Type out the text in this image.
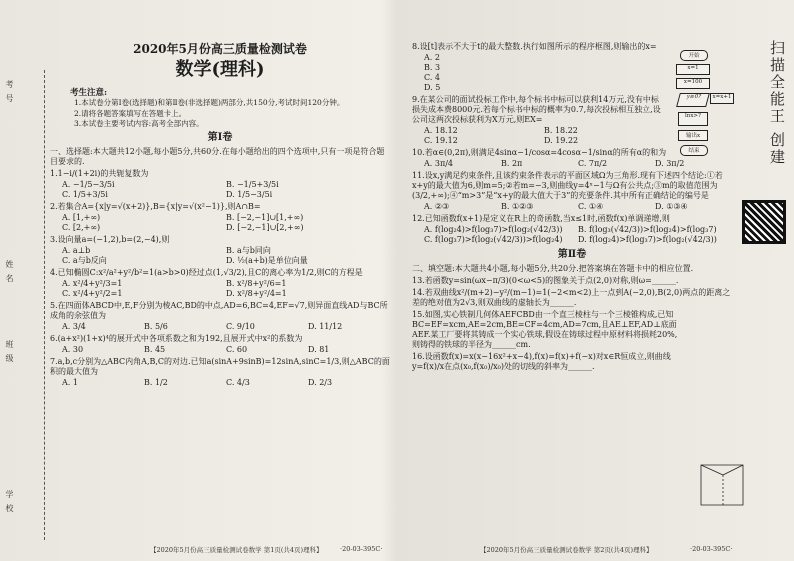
考号
姓名
班级
学校
2020年5月份高三质量检测试卷
数学(理科)
考生注意:

1.本试卷分第Ⅰ卷(选择题)和第Ⅱ卷(非选择题)两部分,共150分,考试时间120分钟。

2.请将各题答案填写在答题卡上。

3.本试卷主要考试内容:高考全部内容。

第Ⅰ卷
一、选择题:本大题共12小题,每小题5分,共60分.在每小题给出的四个选项中,只有一项是符合题目要求的.
1.1−i/(1+2i)的共轭复数为
A. −1/5−3/5i	B. −1/5+3/5i
C. 1/5+3/5i	D. 1/5−3/5i
2.若集合A={x|y=√(x+2)},B={x|y=√(x²−1)},则A∩B=
A. [1,+∞)	B. [−2,−1]∪[1,+∞)
C. [2,+∞)	D. [−2,−1]∪[2,+∞)
3.设向量a=(−1,2),b=(2,−4),则
A. a⊥b	B. a与b同向
C. a与b反向	D. ½(a+b)是单位向量
4.已知椭圆C:x²/a²+y²/b²=1(a>b>0)经过点(1,√3/2),且C的离心率为1/2,则C的方程是
A. x²/4+y²/3=1	B. x²/8+y²/6=1
C. x²/4+y²/2=1	D. x²/8+y²/4=1
5.在四面体ABCD中,E,F分别为棱AC,BD的中点,AD=6,BC=4,EF=√7,则异面直线AD与BC所成角的余弦值为
A. 3/4	B. 5/6	C. 9/10	D. 11/12
6.(a+x²)(1+x)⁴的展开式中各项系数之和为192,且展开式中x²的系数为
A. 30	B. 45	C. 60	D. 81
7.a,b,c分别为△ABC内角A,B,C的对边.已知a(sinA+9sinB)=12sinA,sinC=1/3,则△ABC的面积的最大值为
A. 1	B. 1/2	C. 4/3	D. 2/3
8.设[t]表示不大于t的最大整数.执行如图所示的程序框图,则输出的x=
A. 2
B. 3
C. 4
D. 5
9.在某公司的面试投标工作中,每个标书中标可以获利14万元,没有中标损失成本费8000元.若每个标书中标的概率为0.7,每次投标相互独立,设公司这两次投标获利为X万元,则EX=
A. 18.12	B. 18.22
C. 19.12	D. 19.22
10.若α∈(0,2π),则满足4sinα−1/cosα=4cosα−1/sinα的所有α的和为
A. 3π/4	B. 2π	C. 7π/2	D. 3π/2
11.设x,y满足约束条件,且该约束条件表示的平面区域Ω为三角形.现有下述四个结论:①若x+y的最大值为6,则m=5;②若m=−3,则曲线y=4ˣ−1与Ω有公共点;③m的取值范围为(3/2,+∞);④“m>3”是“x+y的最大值大于3”的充要条件.其中所有正确结论的编号是
A. ②③	B. ①②③	C. ①④	D. ①③④
12.已知函数f(x+1)是定义在R上的奇函数,当x≤1时,函数f(x)单调递增,则
A. f(log₂4)>f(log₃7)>f(log₂(√42/3))	B. f(log₃(√42/3))>f(log₂4)>f(log₃7)
C. f(log₃7)>f(log₂(√42/3))>f(log₂4)	D. f(log₂4)>f(log₃7)>f(log₂(√42/3))
第Ⅱ卷
二、填空题:本大题共4小题,每小题5分,共20分.把答案填在答题卡中的相应位置.
13.若函数y=sin(ωx−π/3)(0<ω<5)的图象关于点(2,0)对称,则ω=______.
14.若双曲线x²/(m+2)−y²/(m−1)=1(−2<m<2)上一点到A(−2,0),B(2,0)两点的距离之差的绝对值为2√3,则双曲线的虚轴长为______.
15.如图,实心铁制几何体AEFCBD由一个直三棱柱与一个三棱锥构成,已知BC=EF=xcm,AE=2cm,BE=CF=4cm,AD=7cm,且AE⊥EF,AD⊥底面AEF.某工厂要将其铸成一个实心铁球,假设在铸球过程中原材料将损耗20%,则铸得的铁球的半径为______cm.
16.设函数f(x)=x(x−16x²+x−4),f(x)=f(x)+f(−x)对x∈R恒成立,则曲线y=f(x)/x在点(x₀,f(x₀)/x₀)处的切线的斜率为______.
开始
x=1
x=100
y≥0?	x=x+1
lnx>?
输出x
结束
【2020年5月份高三质量检测试卷数学 第1页(共4页)理科】	·20-03-395C·	【2020年5月份高三质量检测试卷数学 第2页(共4页)理科】	·20-03-395C·
扫描全能王 创建
